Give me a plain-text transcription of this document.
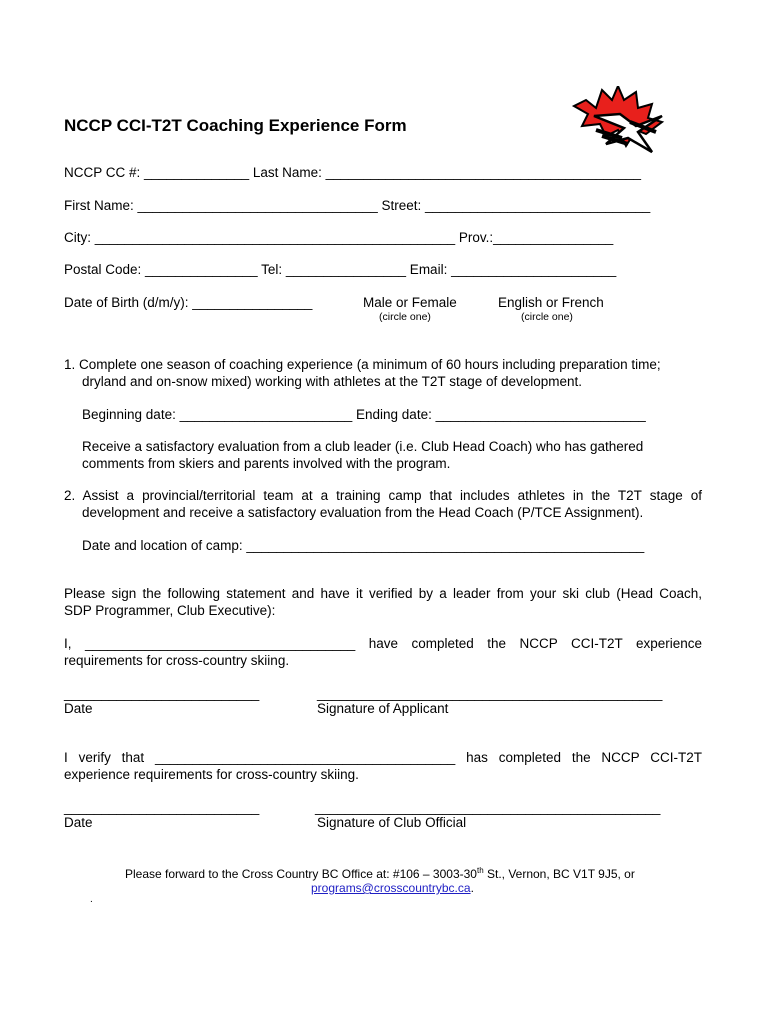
NCCP CCI-T2T Coaching Experience Form
NCCP CC #: ______________ Last Name: __________________________________________
First Name: ________________________________ Street: ______________________________
City: ________________________________________________ Prov.:________________
Postal Code: _______________ Tel: ________________ Email: ______________________
Date of Birth (d/m/y): ________________	Male or Female
(circle one)
English or French
(circle one)
1. Complete one season of coaching experience (a minimum of 60 hours including preparation time;
dryland and on-snow mixed) working with athletes at the T2T stage of development.
Beginning date: _______________________ Ending date: ____________________________
Receive a satisfactory evaluation from a club leader (i.e. Club Head Coach) who has gathered
comments from skiers and parents involved with the program.
2. Assist a provincial/territorial team at a training camp that includes athletes in the T2T stage of
development and receive a satisfactory evaluation from the Head Coach (P/TCE Assignment).
Date and location of camp: _____________________________________________________
Please sign the following statement and have it verified by a leader from your ski club (Head Coach,
SDP Programmer, Club Executive):
I, ____________________________________ have completed the NCCP CCI-T2T experience
requirements for cross-country skiing.
__________________________	______________________________________________
Date	Signature of Applicant
I verify that ________________________________________ has completed the NCCP CCI-T2T
experience requirements for cross-country skiing.
__________________________	______________________________________________
Date	Signature of Club Official
Please forward to the Cross Country BC Office at: #106 – 3003-30th St., Vernon, BC V1T 9J5, or
programs@crosscountrybc.ca.
.
